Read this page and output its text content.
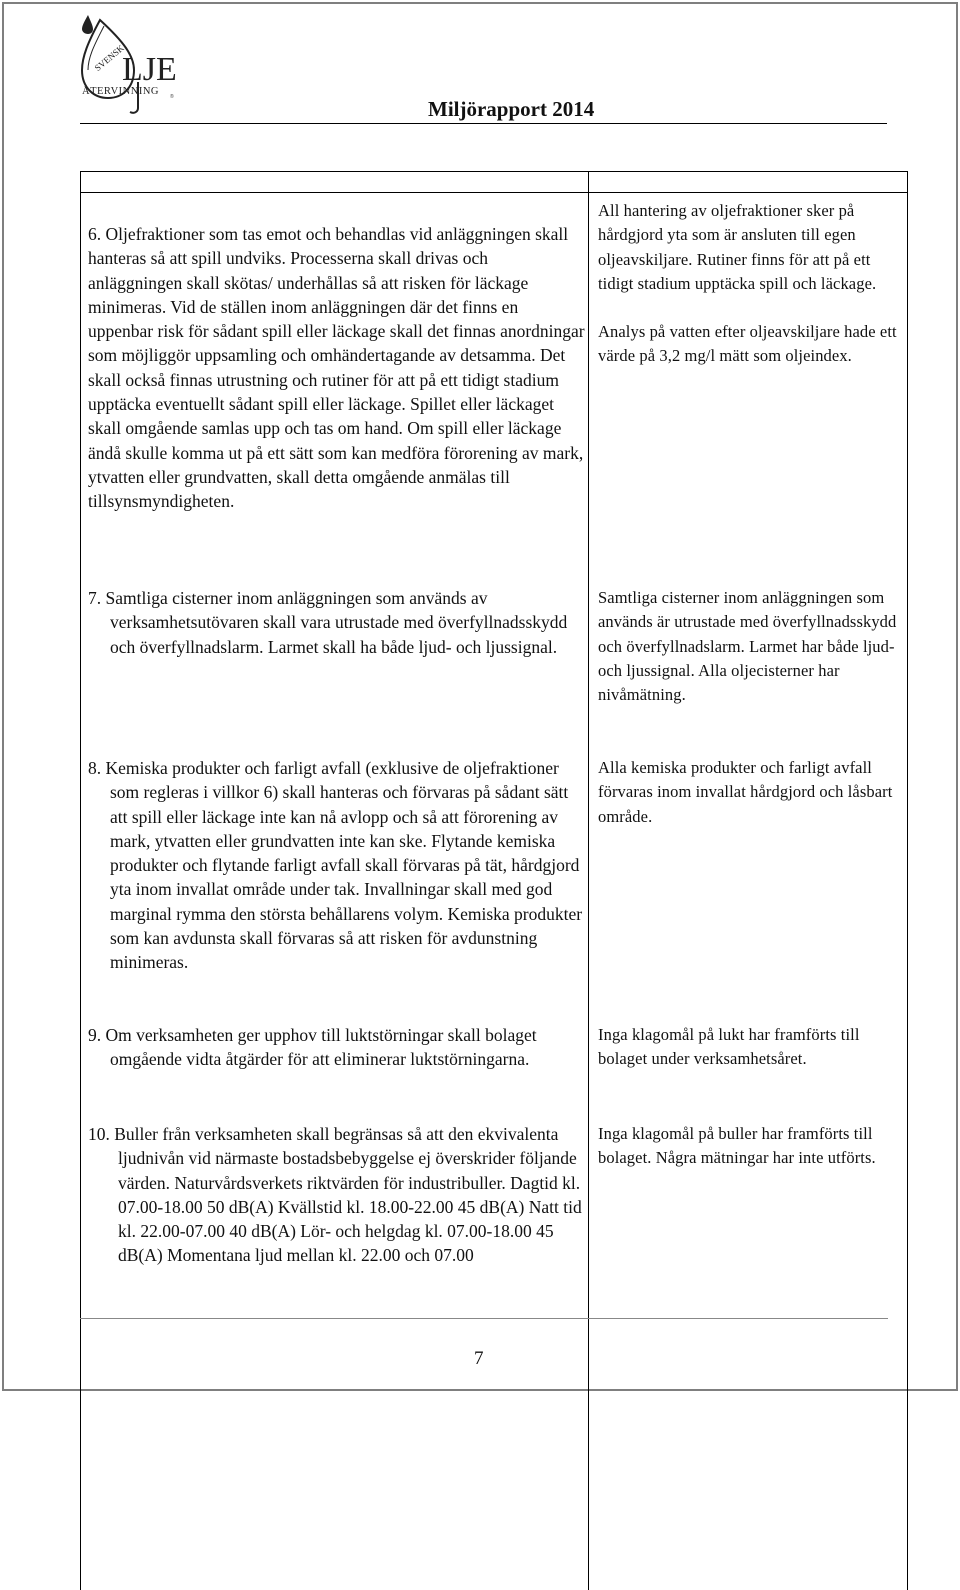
SVENSK
LJE
ÅTERVINNING ®	Miljörapport 2014
6. Oljefraktioner som tas emot och behandlas vid anläggningen skall hanteras så att spill undviks. Processerna skall drivas och anläggningen skall skötas/ underhållas så att risken för läckage minimeras. Vid de ställen inom anläggningen där det finns en uppenbar risk för sådant spill eller läckage skall det finnas anordningar som möjliggör uppsamling och omhändertagande av detsamma. Det skall också finnas utrustning och rutiner för att på ett tidigt stadium upptäcka eventuellt sådant spill eller läckage. Spillet eller läckaget skall omgående samlas upp och tas om hand. Om spill eller läckage ändå skulle komma ut på ett sätt som kan medföra förorening av mark, ytvatten eller grundvatten, skall detta omgående anmälas till tillsynsmyndigheten.

All hantering av oljefraktioner sker på hårdgjord yta som är ansluten till egen oljeavskiljare. Rutiner finns för att på ett tidigt stadium upptäcka spill och läckage.

Analys på vatten efter oljeavskiljare hade ett värde på 3,2 mg/l mätt som oljeindex.

7. Samtliga cisterner inom anläggningen som används av verksamhetsutövaren skall vara utrustade med överfyllnadsskydd och överfyllnadslarm. Larmet skall ha både ljud- och ljussignal.
Samtliga cisterner inom anläggningen som används är utrustade med överfyllnadsskydd och överfyllnadslarm. Larmet har både ljud- och ljussignal. Alla oljecisterner har nivåmätning.
8. Kemiska produkter och farligt avfall (exklusive de oljefraktioner som regleras i villkor 6) skall hanteras och förvaras på sådant sätt att spill eller läckage inte kan nå avlopp och så att förorening av mark, ytvatten eller grundvatten inte kan ske. Flytande kemiska produkter och flytande farligt avfall skall förvaras på tät, hårdgjord yta inom invallat område under tak. Invallningar skall med god marginal rymma den största behållarens volym. Kemiska produkter som kan avdunsta skall förvaras så att risken för avdunstning minimeras.
Alla kemiska produkter och farligt avfall förvaras inom invallat hårdgjord och låsbart område.
9. Om verksamheten ger upphov till luktstörningar skall bolaget omgående vidta åtgärder för att eliminerar luktstörningarna.
Inga klagomål på lukt har framförts till bolaget under verksamhetsåret.
10. Buller från verksamheten skall begränsas så att den ekvivalenta ljudnivån vid närmaste bostadsbebyggelse ej överskrider följande värden. Naturvårdsverkets riktvärden för industribuller. Dagtid kl. 07.00-18.00 50 dB(A) Kvällstid kl. 18.00-22.00 45 dB(A) Natt tid kl. 22.00-07.00 40 dB(A) Lör- och helgdag kl. 07.00-18.00 45 dB(A) Momentana ljud mellan kl. 22.00 och 07.00
Inga klagomål på buller har framförts till bolaget. Några mätningar har inte utförts.
7
